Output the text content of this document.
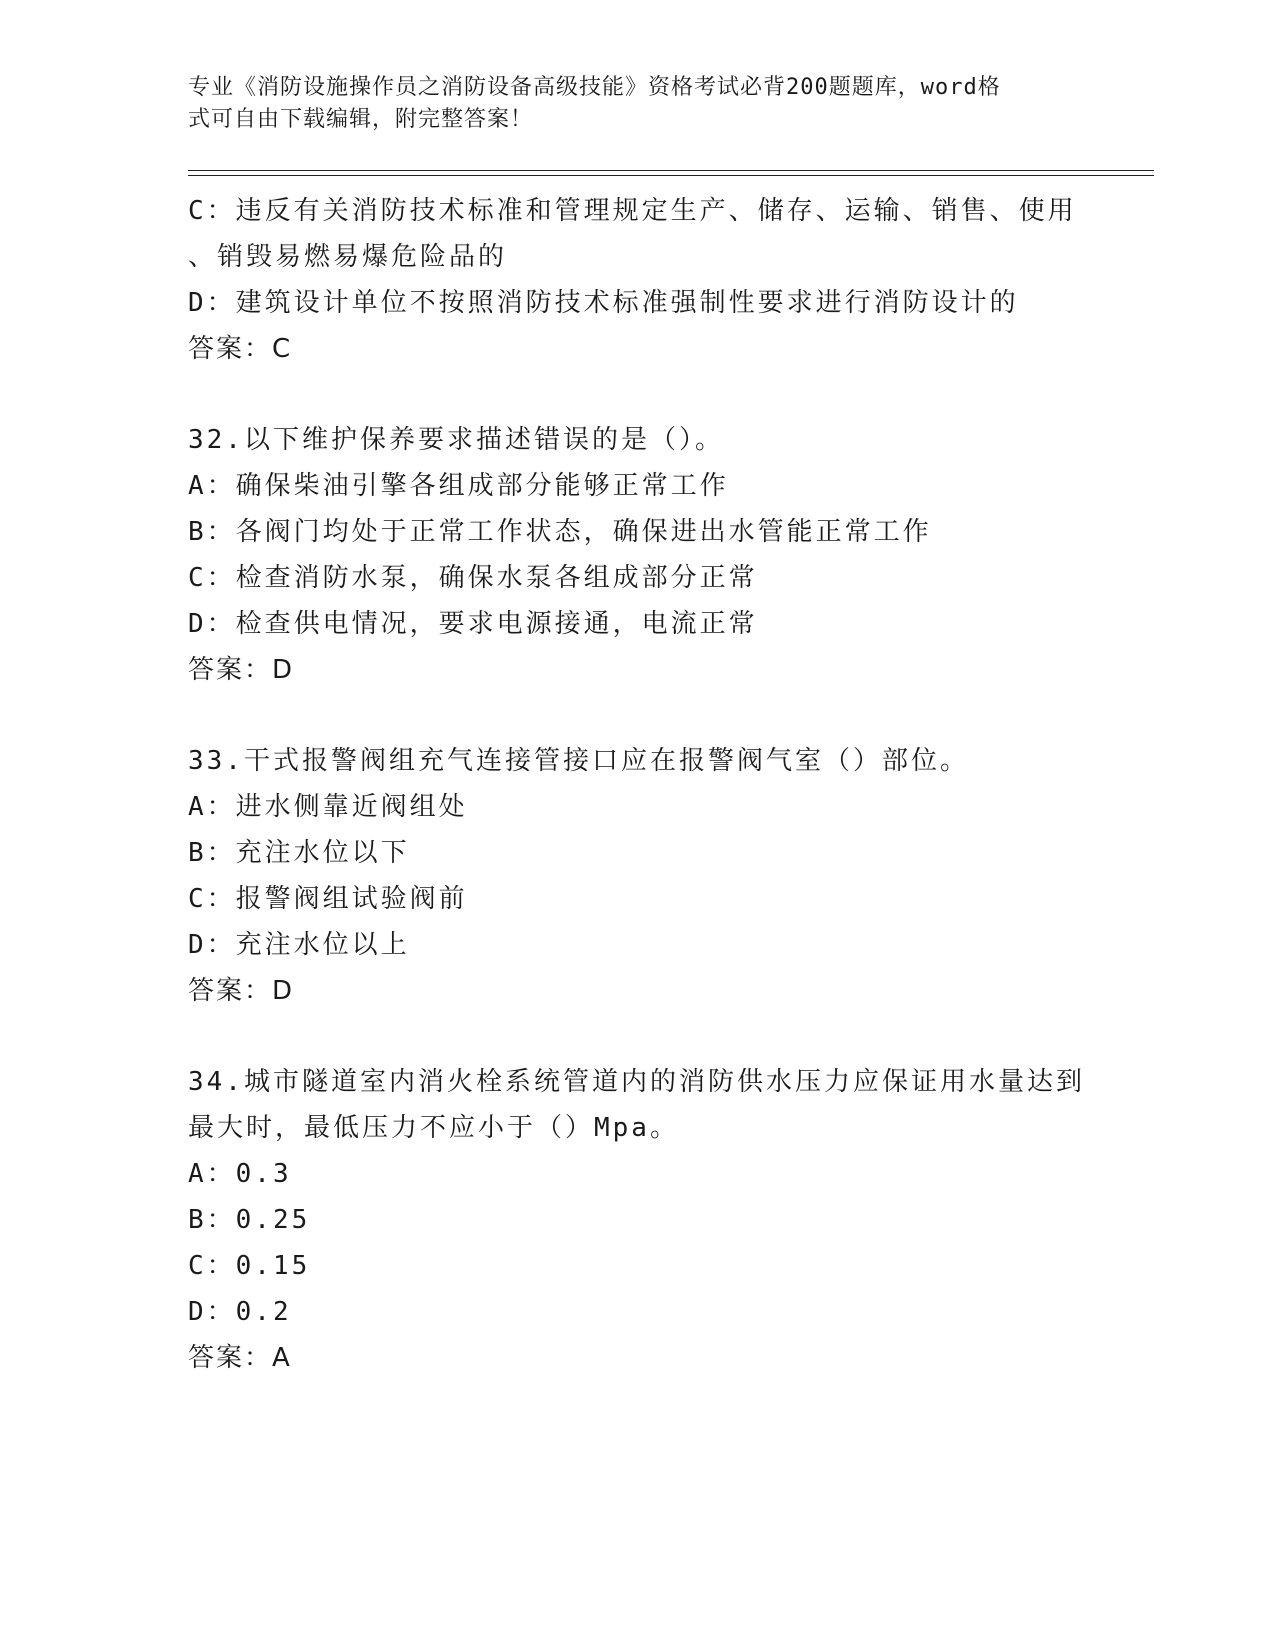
专业《消防设施操作员之消防设备高级技能》资格考试必背200题题库，word格
式可自由下载编辑，附完整答案！
C：违反有关消防技术标准和管理规定生产、储存、运输、销售、使用
、销毁易燃易爆危险品的
D：建筑设计单位不按照消防技术标准强制性要求进行消防设计的
答案：C
32.以下维护保养要求描述错误的是（）。
A：确保柴油引擎各组成部分能够正常工作
B：各阀门均处于正常工作状态，确保进出水管能正常工作
C：检查消防水泵，确保水泵各组成部分正常
D：检查供电情况，要求电源接通，电流正常
答案：D
33.干式报警阀组充气连接管接口应在报警阀气室（）部位。
A：进水侧靠近阀组处
B：充注水位以下
C：报警阀组试验阀前
D：充注水位以上
答案：D
34.城市隧道室内消火栓系统管道内的消防供水压力应保证用水量达到
最大时，最低压力不应小于（）Mpa。
A：0.3
B：0.25
C：0.15
D：0.2
答案：A
